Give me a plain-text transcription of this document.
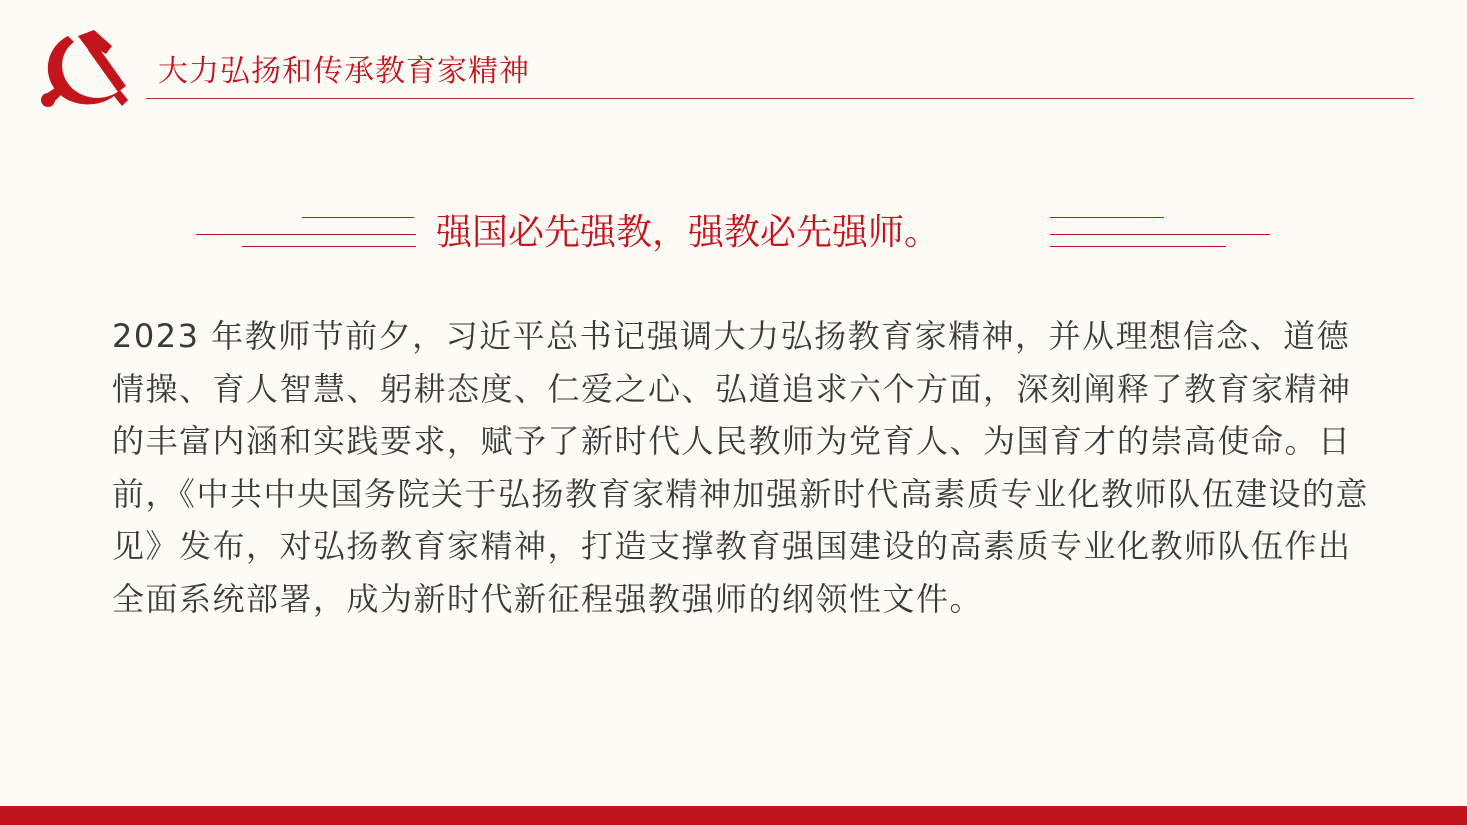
大力弘扬和传承教育家精神
强国必先强教，强教必先强师。
2023 年教师节前夕，习近平总书记强调大力弘扬教育家精神，并从理想信念、道德情操、育人智慧、躬耕态度、仁爱之心、弘道追求六个方面，深刻阐释了教育家精神的丰富内涵和实践要求，赋予了新时代人民教师为党育人、为国育才的崇高使命。日前，《中共中央国务院关于弘扬教育家精神加强新时代高素质专业化教师队伍建设的意见》发布，对弘扬教育家精神，打造支撑教育强国建设的高素质专业化教师队伍作出全面系统部署，成为新时代新征程强教强师的纲领性文件。
